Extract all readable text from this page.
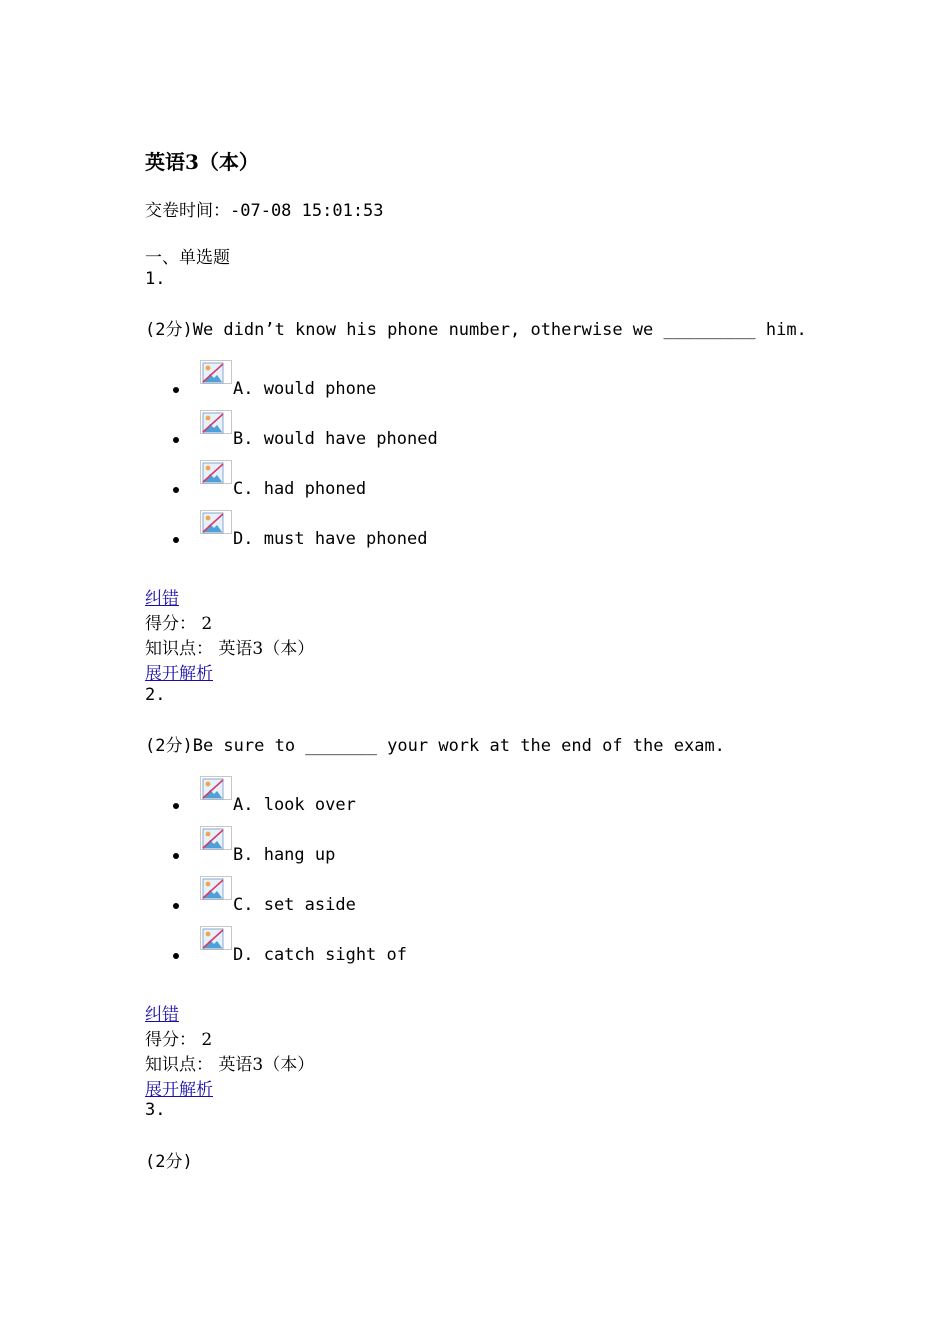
英语3（本）
交卷时间：-07-08 15:01:53
一、单选题
1.
(2分)We didn’t know his phone number, otherwise we _________ him.
A. would phone
B. would have phoned
C. had phoned
D. must have phoned
纠错
得分： 2
知识点： 英语3（本）
展开解析
2.
(2分)Be sure to _______ your work at the end of the exam.
A. look over
B. hang up
C. set aside
D. catch sight of
纠错
得分： 2
知识点： 英语3（本）
展开解析
3.
(2分)
